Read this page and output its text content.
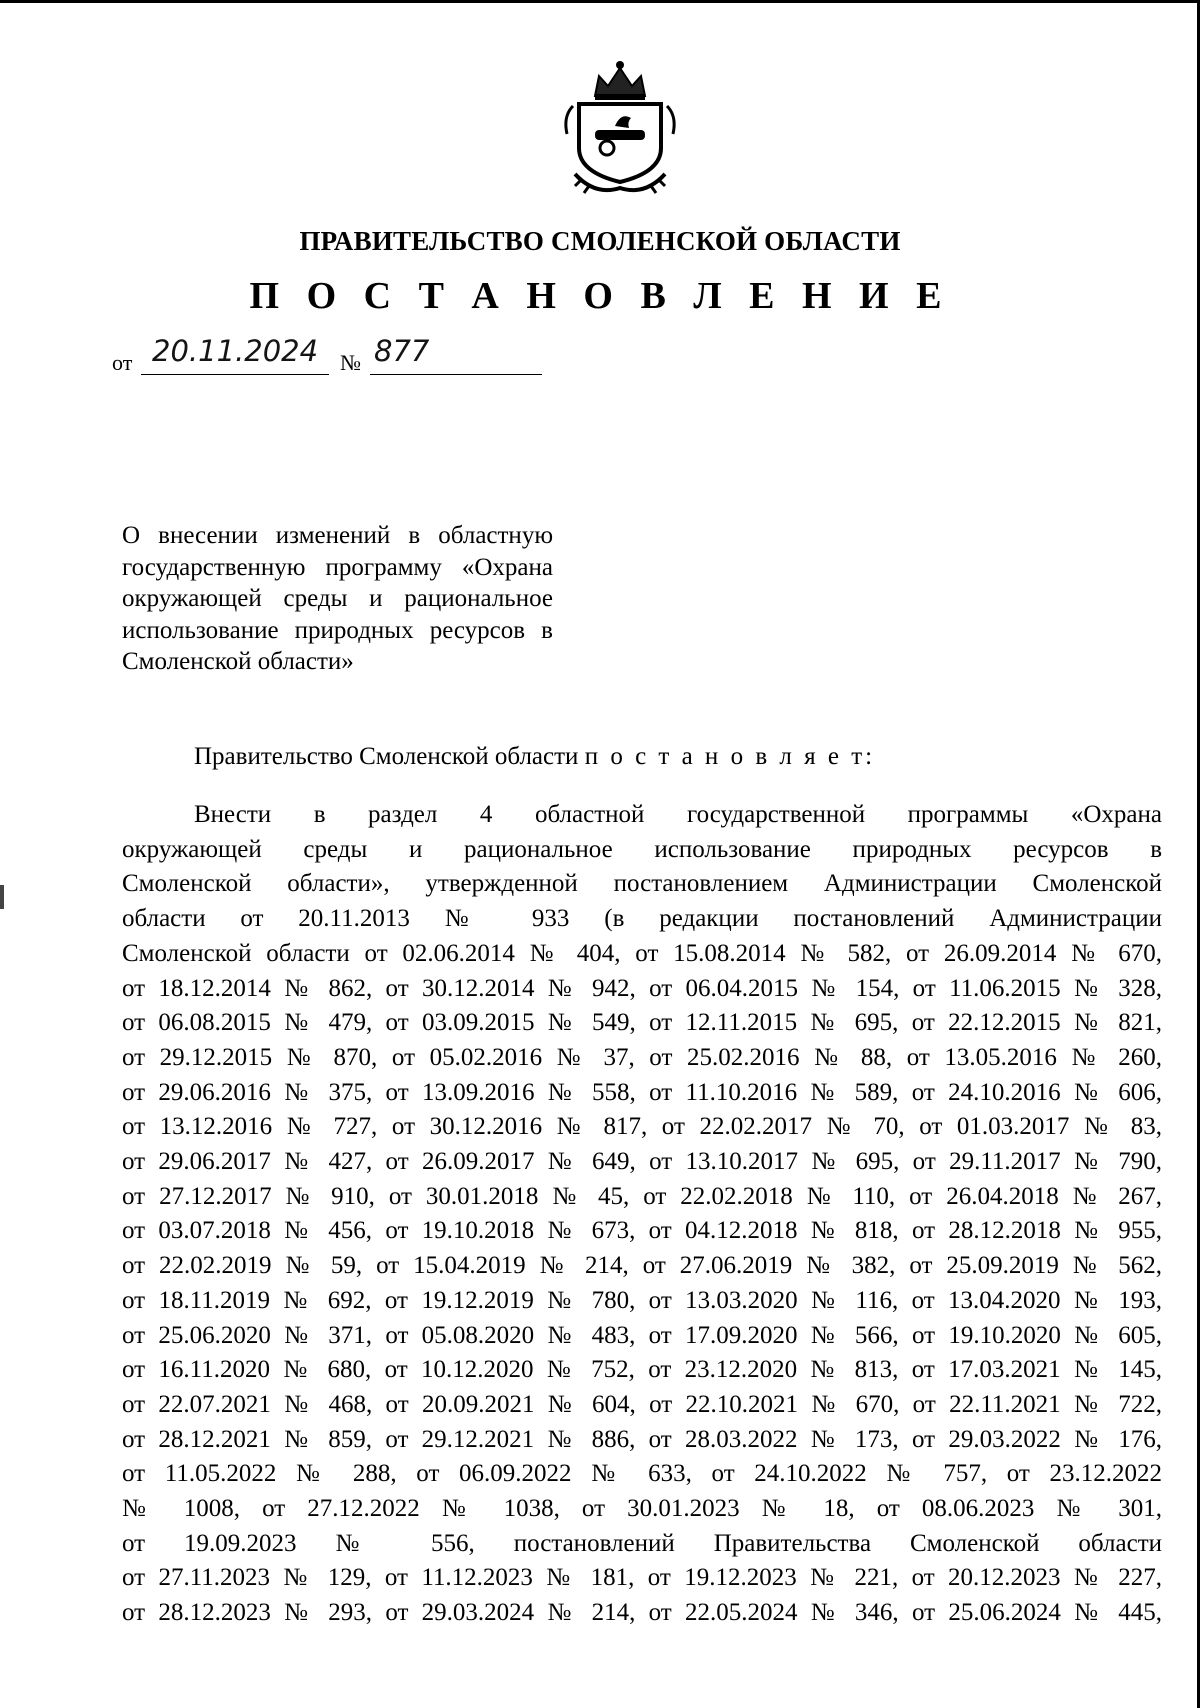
ПРАВИТЕЛЬСТВО СМОЛЕНСКОЙ ОБЛАСТИ
П О С Т А Н О В Л Е Н И Е
от 20.11.2024 № 877
О внесении изменений в областную государственную программу «Охрана окружающей среды и рациональное использование природных ресурсов в Смоленской области»
Правительство Смоленской области п о с т а н о в л я е т:
Внести в раздел 4 областной государственной программы «Охрана
окружающей среды и рациональное использование природных ресурсов в
Смоленской области», утвержденной постановлением Администрации Смоленской
области от 20.11.2013 № 933 (в редакции постановлений Администрации
Смоленской области от 02.06.2014 № 404, от 15.08.2014 № 582, от 26.09.2014 № 670,
от 18.12.2014 № 862, от 30.12.2014 № 942, от 06.04.2015 № 154, от 11.06.2015 № 328,
от 06.08.2015 № 479, от 03.09.2015 № 549, от 12.11.2015 № 695, от 22.12.2015 № 821,
от 29.12.2015 № 870, от 05.02.2016 № 37, от 25.02.2016 № 88, от 13.05.2016 № 260,
от 29.06.2016 № 375, от 13.09.2016 № 558, от 11.10.2016 № 589, от 24.10.2016 № 606,
от 13.12.2016 № 727, от 30.12.2016 № 817, от 22.02.2017 № 70, от 01.03.2017 № 83,
от 29.06.2017 № 427, от 26.09.2017 № 649, от 13.10.2017 № 695, от 29.11.2017 № 790,
от 27.12.2017 № 910, от 30.01.2018 № 45, от 22.02.2018 № 110, от 26.04.2018 № 267,
от 03.07.2018 № 456, от 19.10.2018 № 673, от 04.12.2018 № 818, от 28.12.2018 № 955,
от 22.02.2019 № 59, от 15.04.2019 № 214, от 27.06.2019 № 382, от 25.09.2019 № 562,
от 18.11.2019 № 692, от 19.12.2019 № 780, от 13.03.2020 № 116, от 13.04.2020 № 193,
от 25.06.2020 № 371, от 05.08.2020 № 483, от 17.09.2020 № 566, от 19.10.2020 № 605,
от 16.11.2020 № 680, от 10.12.2020 № 752, от 23.12.2020 № 813, от 17.03.2021 № 145,
от 22.07.2021 № 468, от 20.09.2021 № 604, от 22.10.2021 № 670, от 22.11.2021 № 722,
от 28.12.2021 № 859, от 29.12.2021 № 886, от 28.03.2022 № 173, от 29.03.2022 № 176,
от 11.05.2022 № 288, от 06.09.2022 № 633, от 24.10.2022 № 757, от 23.12.2022
№ 1008, от 27.12.2022 № 1038, от 30.01.2023 № 18, от 08.06.2023 № 301,
от 19.09.2023 № 556, постановлений Правительства Смоленской области
от 27.11.2023 № 129, от 11.12.2023 № 181, от 19.12.2023 № 221, от 20.12.2023 № 227,
от 28.12.2023 № 293, от 29.03.2024 № 214, от 22.05.2024 № 346, от 25.06.2024 № 445,
